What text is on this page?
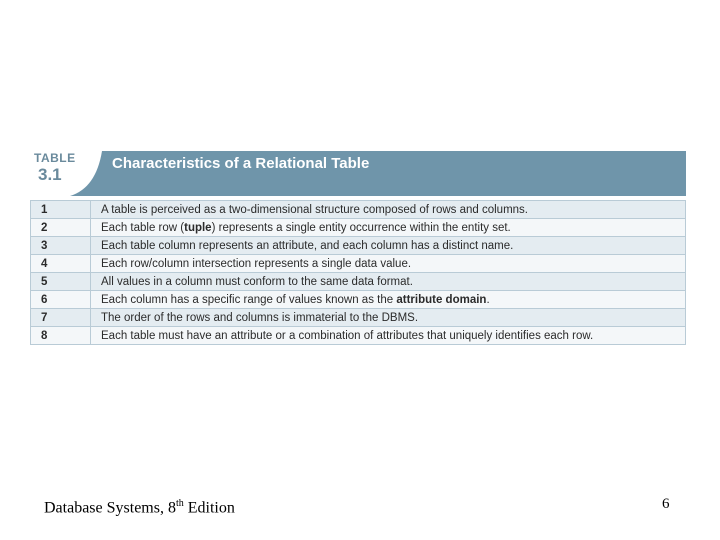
TABLE
3.1
Characteristics of a Relational Table
1	A table is perceived as a two-dimensional structure composed of rows and columns.
2	Each table row (tuple) represents a single entity occurrence within the entity set.
3	Each table column represents an attribute, and each column has a distinct name.
4	Each row/column intersection represents a single data value.
5	All values in a column must conform to the same data format.
6	Each column has a specific range of values known as the attribute domain.
7	The order of the rows and columns is immaterial to the DBMS.
8	Each table must have an attribute or a combination of attributes that uniquely identifies each row.
Database Systems, 8th Edition	6
